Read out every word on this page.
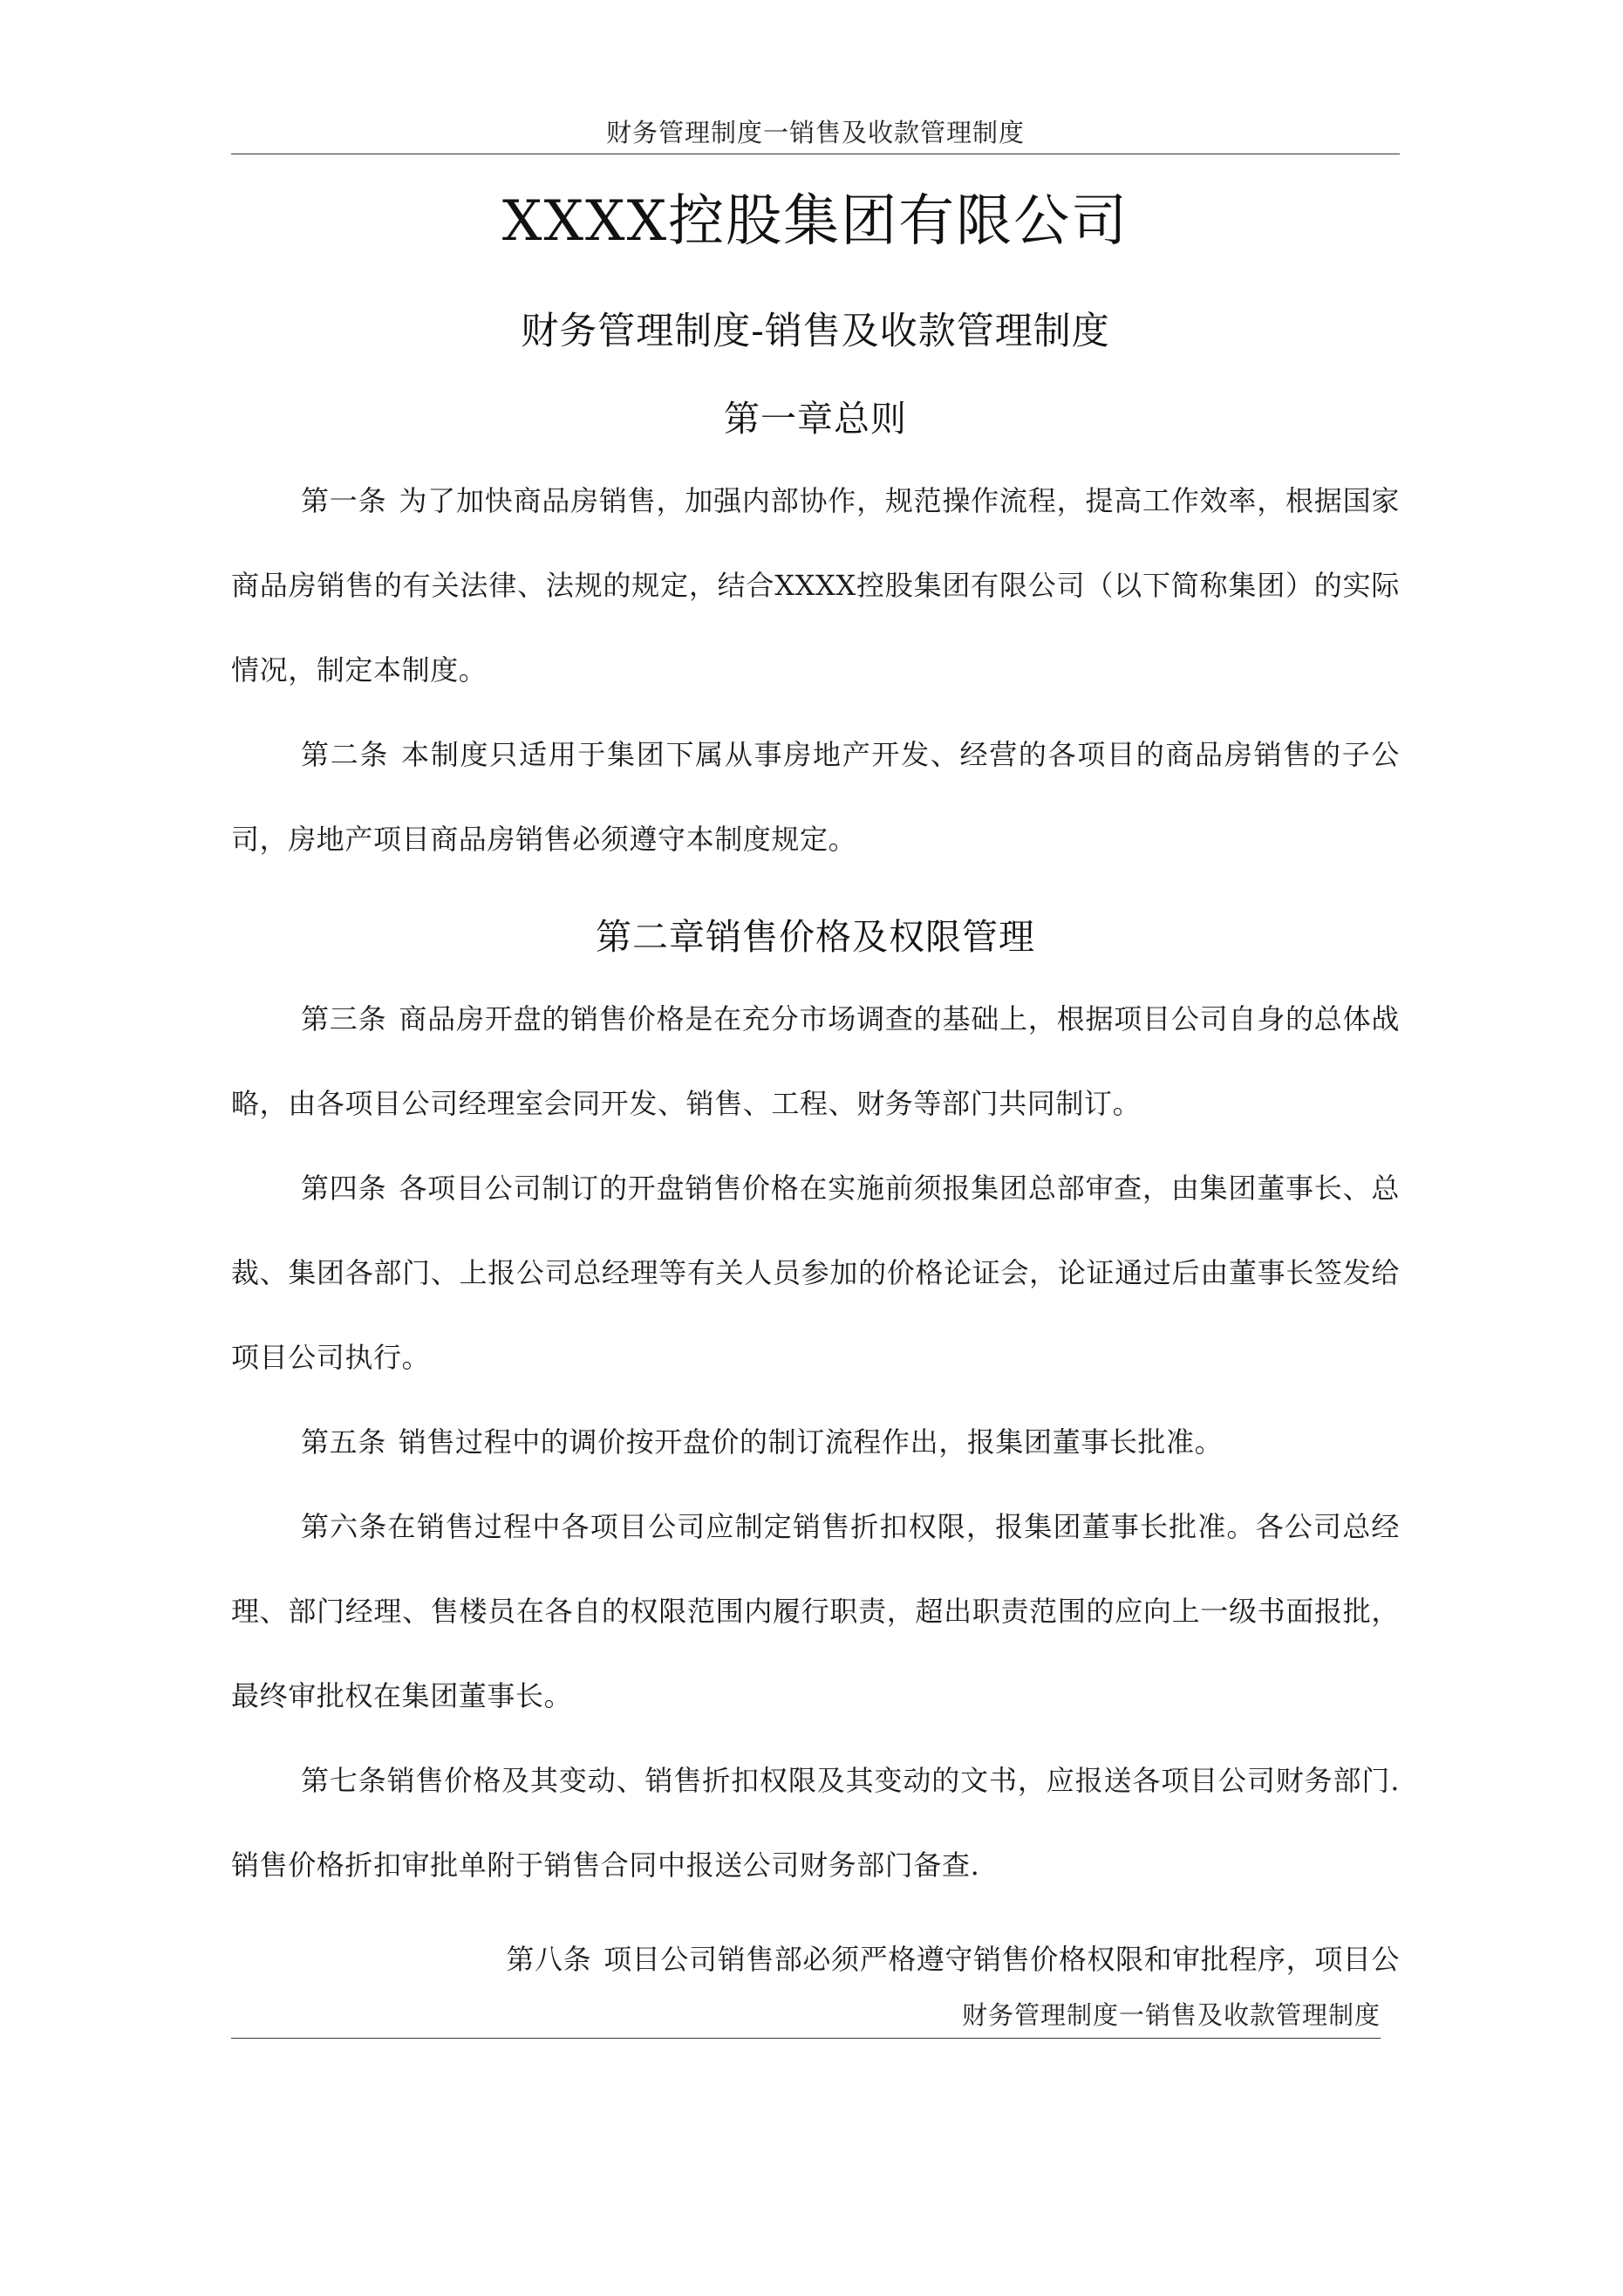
财务管理制度一销售及收款管理制度
XXXX控股集团有限公司
财务管理制度-销售及收款管理制度
第一章总则

第一条 为了加快商品房销售，加强内部协作，规范操作流程，提高工作效率，根据国家商品房销售的有关法律、法规的规定，结合XXXX控股集团有限公司（以下简称集团）的实际情况，制定本制度。

第二条 本制度只适用于集团下属从事房地产开发、经营的各项目的商品房销售的子公司，房地产项目商品房销售必须遵守本制度规定。

第二章销售价格及权限管理

第三条 商品房开盘的销售价格是在充分市场调查的基础上，根据项目公司自身的总体战略，由各项目公司经理室会同开发、销售、工程、财务等部门共同制订。

第四条 各项目公司制订的开盘销售价格在实施前须报集团总部审查，由集团董事长、总裁、集团各部门、上报公司总经理等有关人员参加的价格论证会，论证通过后由董事长签发给项目公司执行。

第五条 销售过程中的调价按开盘价的制订流程作出，报集团董事长批准。

第六条在销售过程中各项目公司应制定销售折扣权限，报集团董事长批准。各公司总经理、部门经理、售楼员在各自的权限范围内履行职责，超出职责范围的应向上一级书面报批，最终审批权在集团董事长。

第七条销售价格及其变动、销售折扣权限及其变动的文书，应报送各项目公司财务部门.销售价格折扣审批单附于销售合同中报送公司财务部门备查.

第八条 项目公司销售部必须严格遵守销售价格权限和审批程序，项目公
财务管理制度一销售及收款管理制度
